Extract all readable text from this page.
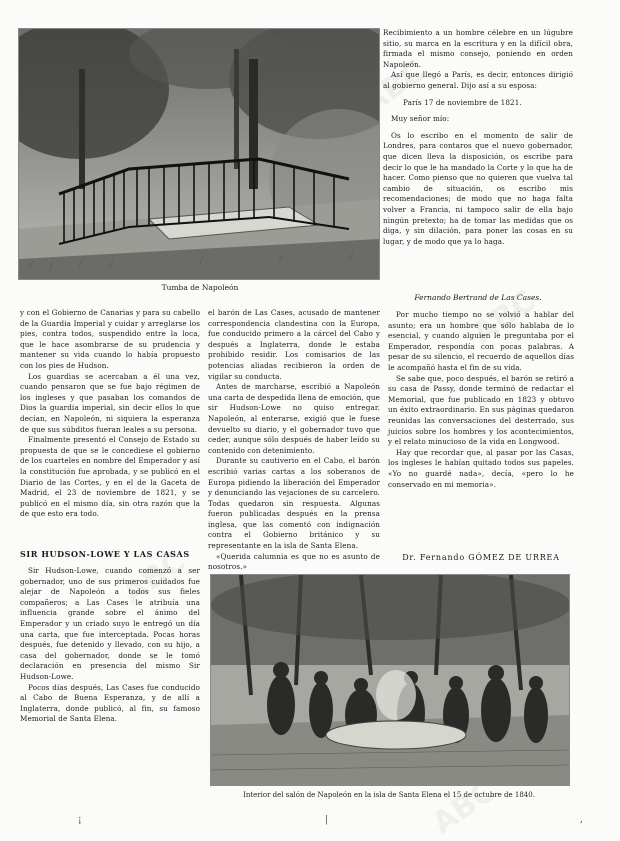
Tumba de Napoleón

Recibimiento a un hombre célebre en un lúgubre sitio, su marca en la escritura y en la difícil obra, firmada el mismo consejo, poniendo en orden Napoleón.

Así que llegó a París, es decir, entonces dirigió al gobierno general. Dijo así a su esposa:

París 17 de noviembre de 1821.

Muy señor mío:

Os lo escribo en el momento de salir de Londres, para contaros que el nuevo gobernador, que dicen lleva la disposición, os escribe para decir lo que le ha mandado la Corte y lo que ha de hacer. Como pienso que no quieren que vuelva tal cambio de situación, os escribo mis recomendaciones; de modo que no haga falta volver a Francia, ni tampoco salir de ella bajo ningún pretexto; ha de tomar las medidas que os diga, y sin dilación, para poner las cosas en su lugar, y de modo que ya lo haga.

Fernando Bertrand de Las Cases.

y con el Gobierno de Canarias y para su cabello de la Guardia Imperial y cuidar y arreglarse los pies, contra todos, suspendido entre la loca, que le hace asombrarse de su prudencia y mantener su vida cuando lo había propuesto con los pies de Hudson.

Los guardias se acercaban a él una vez, cuando pensaron que se fue bajo régimen de los ingleses y que pasaban los comandos de Dios la guardia imperial, sin decir ellos lo que decían, en Napoleón, ni siquiera la esperanza de que sus súbditos fueran leales a su persona.

Finalmente presentó el Consejo de Estado su propuesta de que se le concediese el gobierno de los cuarteles en nombre del Emperador y así la constitución fue aprobada, y se publicó en el Diario de las Cortes, y en el de la Gaceta de Madrid, el 23 de noviembre de 1821, y se publicó en el mismo día, sin otra razón que la de que esto era todo.

SIR HUDSON-LOWE Y LAS CASAS

Sir Hudson-Lowe, cuando comenzó a ser gobernador, uno de sus primeros cuidados fue alejar de Napoleón a todos sus fieles compañeros; a Las Cases le atribuía una influencia grande sobre el ánimo del Emperador y un criado suyo le entregó un día una carta, que fue interceptada. Pocas horas después, fue detenido y llevado, con su hijo, a casa del gobernador, donde se le tomó declaración en presencia del mismo Sir Hudson-Lowe.

Pocos días después, Las Cases fue conducido al Cabo de Buena Esperanza, y de allí a Inglaterra, donde publicó, al fin, su famoso Memorial de Santa Elena.

el barón de Las Cases, acusado de mantener correspondencia clandestina con la Europa, fue conducido primero a la cárcel del Cabo y después a Inglaterra, donde le estaba prohibido residir. Los comisarios de las potencias aliadas recibieron la orden de vigilar su conducta.

Antes de marcharse, escribió a Napoleón una carta de despedida llena de emoción, que sir Hudson-Lowe no quiso entregar. Napoleón, al enterarse, exigió que le fuese devuelto su diario, y el gobernador tuvo que ceder, aunque sólo después de haber leído su contenido con detenimiento.

Durante su cautiverio en el Cabo, el barón escribió varias cartas a los soberanos de Europa pidiendo la liberación del Emperador y denunciando las vejaciones de su carcelero. Todas quedaron sin respuesta. Algunas fueron publicadas después en la prensa inglesa, que las comentó con indignación contra el Gobierno británico y su representante en la isla de Santa Elena.

«Querida calumnia es que no es asunto de nosotros.»

Por mucho tiempo no se volvió a hablar del asunto; era un hombre que sólo hablaba de lo esencial, y cuando alguien le preguntaba por el Emperador, respondía con pocas palabras. A pesar de su silencio, el recuerdo de aquellos días le acompañó hasta el fin de su vida.

Se sabe que, poco después, el barón se retiró a su casa de Passy, donde terminó de redactar el Memorial, que fue publicado en 1823 y obtuvo un éxito extraordinario. En sus páginas quedaron reunidas las conversaciones del desterrado, sus juicios sobre los hombres y los acontecimientos, y el relato minucioso de la vida en Longwood.

Hay que recordar que, al pasar por las Casas, los ingleses le habían quitado todos sus papeles. «Yo no guardé nada», decía, «pero lo he conservado en mi memoria».

Dr. Fernando GÓMEZ DE URREA
Interior del salón de Napoleón en la isla de Santa Elena el 15 de octubre de 1840.
¡	|	,
